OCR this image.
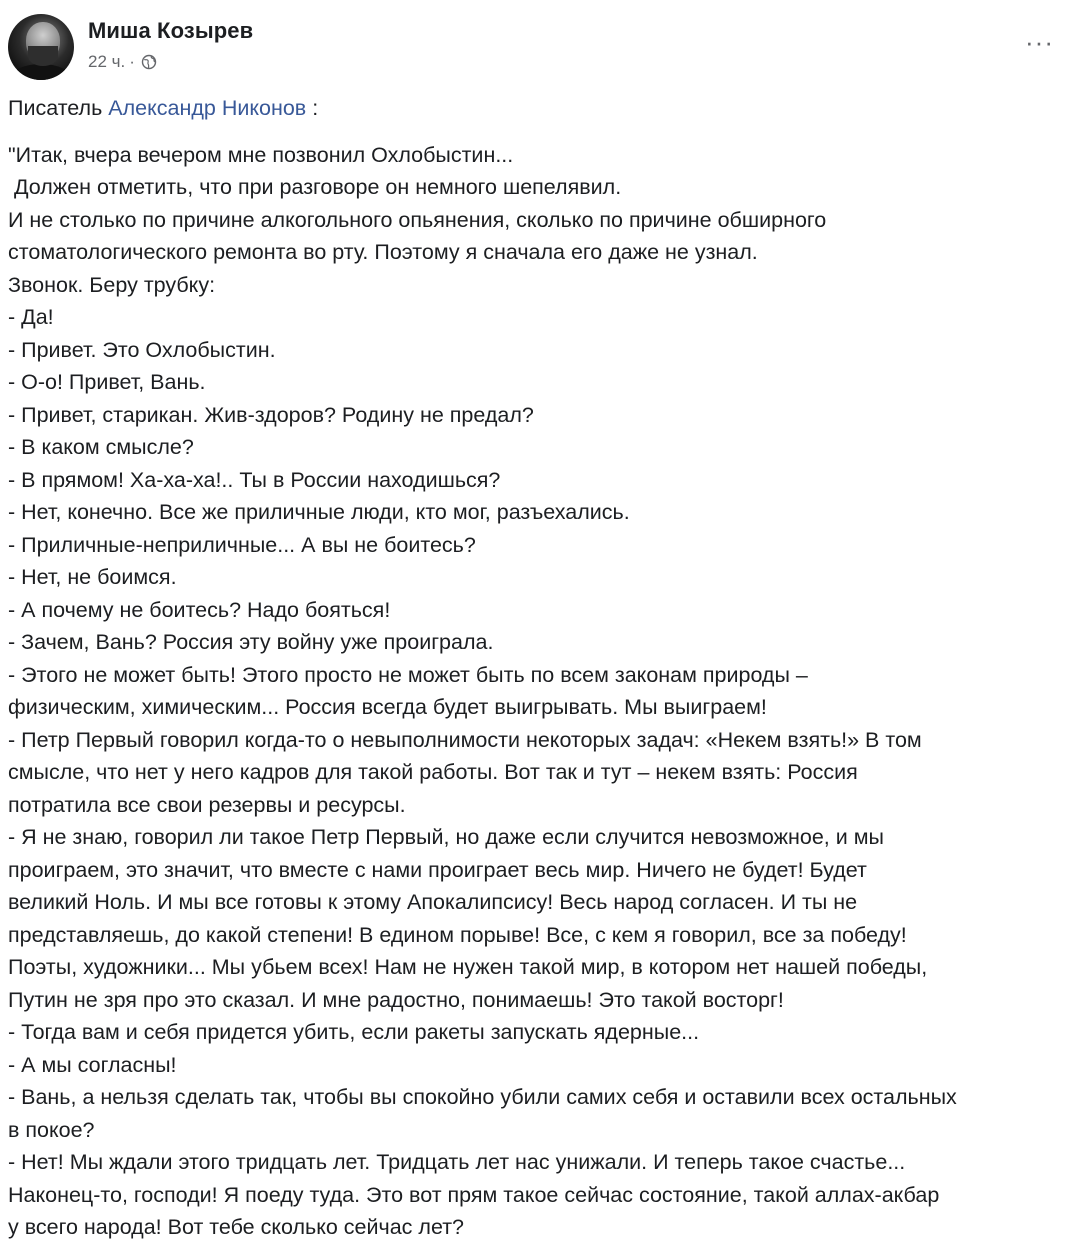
Миша Козырев
22 ч. ·
···

Писатель Александр Никонов :

"Итак, вчера вечером мне позвонил Охлобыстин...

Должен отметить, что при разговоре он немного шепелявил.

И не столько по причине алкогольного опьянения, сколько по причине обширного

стоматологического ремонта во рту. Поэтому я сначала его даже не узнал.

Звонок. Беру трубку:

- Да!

- Привет. Это Охлобыстин.

- О-о! Привет, Вань.

- Привет, старикан. Жив-здоров? Родину не предал?

- В каком смысле?

- В прямом! Ха-ха-ха!.. Ты в России находишься?

- Нет, конечно. Все же приличные люди, кто мог, разъехались.

- Приличные-неприличные... А вы не боитесь?

- Нет, не боимся.

- А почему не боитесь? Надо бояться!

- Зачем, Вань? Россия эту войну уже проиграла.

- Этого не может быть! Этого просто не может быть по всем законам природы –

физическим, химическим... Россия всегда будет выигрывать. Мы выиграем!

- Петр Первый говорил когда-то о невыполнимости некоторых задач: «Некем взять!» В том

смысле, что нет у него кадров для такой работы. Вот так и тут – некем взять: Россия

потратила все свои резервы и ресурсы.

- Я не знаю, говорил ли такое Петр Первый, но даже если случится невозможное, и мы

проиграем, это значит, что вместе с нами проиграет весь мир. Ничего не будет! Будет

великий Ноль. И мы все готовы к этому Апокалипсису! Весь народ согласен. И ты не

представляешь, до какой степени! В едином порыве! Все, с кем я говорил, все за победу!

Поэты, художники... Мы убьем всех! Нам не нужен такой мир, в котором нет нашей победы,

Путин не зря про это сказал. И мне радостно, понимаешь! Это такой восторг!

- Тогда вам и себя придется убить, если ракеты запускать ядерные...

- А мы согласны!

- Вань, а нельзя сделать так, чтобы вы спокойно убили самих себя и оставили всех остальных

в покое?

- Нет! Мы ждали этого тридцать лет. Тридцать лет нас унижали. И теперь такое счастье...

Наконец-то, господи! Я поеду туда. Это вот прям такое сейчас состояние, такой аллах-акбар

у всего народа! Вот тебе сколько сейчас лет?
